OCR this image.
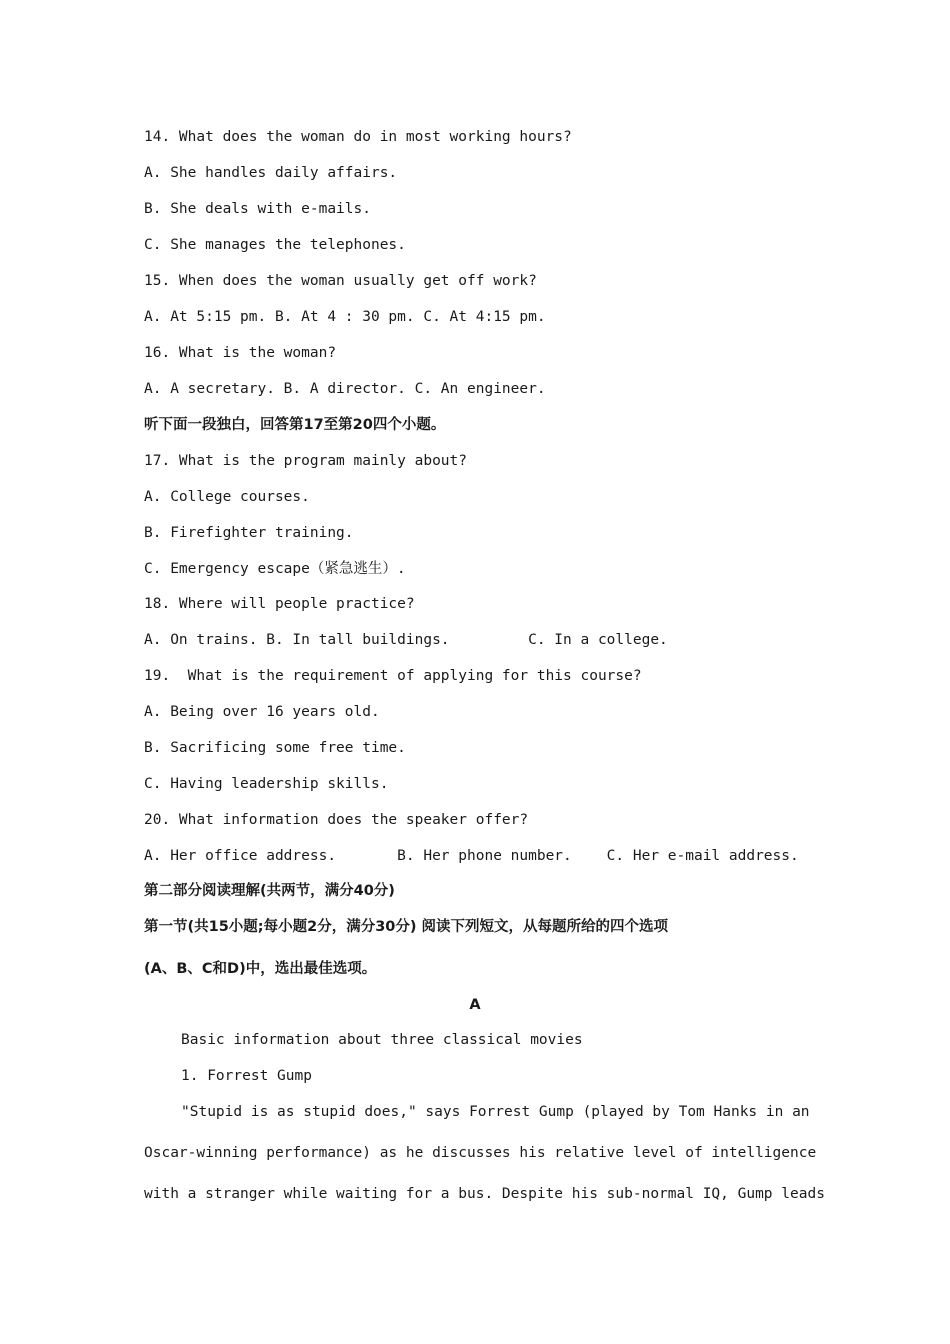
14. What does the woman do in most working hours?
A. She handles daily affairs.
B. She deals with e-mails.
C. She manages the telephones.
15. When does the woman usually get off work?
A. At 5:15 pm. B. At 4 : 30 pm. C. At 4:15 pm.
16. What is the woman?
A. A secretary. B. A director. C. An engineer.
听下面一段独白，回答第17至第20四个小题。
17. What is the program mainly about?
A. College courses.
B. Firefighter training.
C. Emergency escape（紧急逃生）.
18. Where will people practice?
A. On trains. B. In tall buildings.         C. In a college.
19.  What is the requirement of applying for this course?
A. Being over 16 years old.
B. Sacrificing some free time.
C. Having leadership skills.
20. What information does the speaker offer?
A. Her office address.       B. Her phone number.    C. Her e-mail address.
第二部分阅读理解(共两节，满分40分)
第一节(共15小题;每小题2分，满分30分) 阅读下列短文，从每题所给的四个选项
(A、B、C和D)中，选出最佳选项。
A
Basic information about three classical movies
1. Forrest Gump
"Stupid is as stupid does," says Forrest Gump (played by Tom Hanks in an
Oscar-winning performance) as he discusses his relative level of intelligence
with a stranger while waiting for a bus. Despite his sub-normal IQ, Gump leads
